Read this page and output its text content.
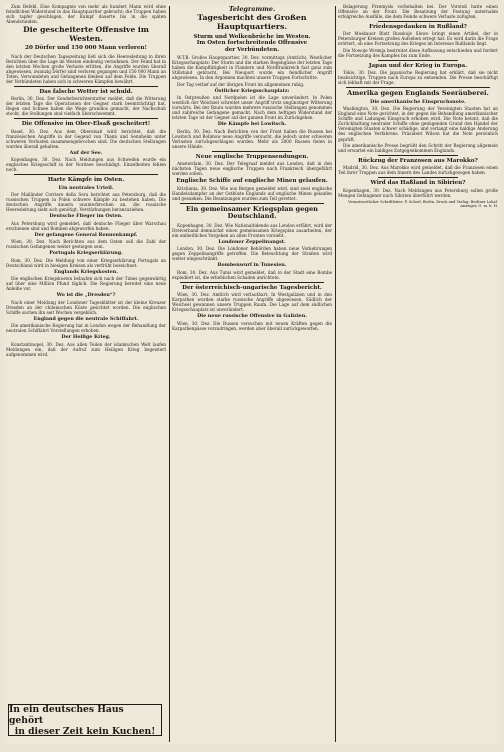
Zum Befehl. Eine Kompagnie von mehr als hundert Mann wird ohne feindlichen Widerstand in das Hauptquartier gebracht; die Truppen haben sich tapfer geschlagen, der Kampf dauerte bis in die späten Abendstunden.

Die gescheiterte Offensive im Westen.
20 Dörfer und 150 000 Mann verloren!

Nach der Deutschen Tageszeitung ließ sich die Heeresleitung in ihren Berichten über die Lage im Westen eindeutig vernehmen. Der Feind hat in den letzten Wochen große Verluste erlitten, die Angriffe wurden überall abgewiesen, zwanzig Dörfer sind verloren gegangen und 150 000 Mann an Toten, Verwundeten und Gefangenen bleiben auf dem Felde. Die Truppen der Verbündeten haben sich in schweren Kämpfen bewährt.

Das falsche Wetter ist schuld.

Berlin, 30. Dez. Der Sonderberichterstatter meldet, daß die Witterung der letzten Tage die Operationen der Gegner stark beeinträchtigt hat. Regen und Schnee haben die Wege grundlos gemacht, der Nachschub stockt, die Stellungen sind vielfach überschwemmt.

Die Offensive im Ober-Elsaß gescheitert!

Basel, 30. Dez. Aus dem Oberelsaß wird berichtet, daß die französischen Angriffe in der Gegend von Thann und Sennheim unter schweren Verlusten zusammengebrochen sind. Die deutschen Stellungen wurden überall gehalten.

Auf der See.

Kopenhagen, 30. Dez. Nach Meldungen aus Schweden wurde ein englisches Kriegsschiff in der Nordsee beschädigt. Einzelheiten fehlen noch.

Harte Kämpfe im Osten.
Ein neutrales Urteil.

Der Mailänder Corriere della Sera berichtet aus Petersburg, daß die russischen Truppen in Polen schwere Kämpfe zu bestehen haben. Die deutschen Angriffe dauern ununterbrochen an, die russische Heeresleitung sieht sich genötigt, Verstärkungen heranzuziehen.

Deutsche Flieger im Osten.

Aus Petersburg wird gemeldet, daß deutsche Flieger über Warschau erschienen sind und Bomben abgeworfen haben.

Der gefangene General Rennenkampf.

Wien, 30. Dez. Nach Berichten aus dem Osten soll die Zahl der russischen Gefangenen weiter gestiegen sein.

Portugals Kriegserklärung.

Rom, 30. Dez. Die Meldung von einer Kriegserklärung Portugals an Deutschland wird in hiesigen Kreisen als verfrüht bezeichnet.

Englands Kriegskosten.

Die englischen Kriegskosten belaufen sich nach der Times gegenwärtig auf über eine Million Pfund täglich. Die Regierung bereitet eine neue Anleihe vor.

Wo ist die „Dresden“?

Nach einer Meldung der Londoner Tagesblätter ist der kleine Kreuzer Dresden an der chilenischen Küste gesichtet worden. Die englischen Schiffe suchen ihn seit Wochen vergeblich.

England gegen die neutrale Schiffahrt.

Die amerikanische Regierung hat in London wegen der Behandlung der neutralen Schiffahrt Vorstellungen erhoben.

Der Heilige Krieg.

Konstantinopel, 30. Dez. Aus allen Teilen der islamischen Welt laufen Meldungen ein, daß der Aufruf zum Heiligen Krieg begeistert aufgenommen wird.

In ein deutsches Haus gehört
in dieser Zeit kein Kuchen!
Telegramme.
Tagesbericht des Großen Hauptquartiers.
Sturm und Wolkenbrüche im Westen.
Im Osten fortschreitende Offensive
der Verbündeten.

W.T.B. Großes Hauptquartier, 30. Dez. vormittags (Amtlich). Westlicher Kriegsschauplatz: Der Sturm und die starken Regengüsse der letzten Tage haben die Kampftätigkeit in Flandern und Nordfrankreich fast ganz zum Stillstand gebracht. Bei Nieuport wurde ein feindlicher Angriff abgewiesen. In den Argonnen machten unsere Truppen Fortschritte.

Der Tag verlief auf der übrigen Front im allgemeinen ruhig.

Östlicher Kriegsschauplatz:

In Ostpreußen und Nordpolen ist die Lage unverändert. In Polen westlich der Weichsel schreitet unser Angriff trotz ungünstiger Witterung vorwärts. Bei der Bzura wurden mehrere russische Stellungen genommen und zahlreiche Gefangene gemacht. Nach dem heftigen Widerstand der letzten Tage ist der Gegner auf der ganzen Front im Zurückgehen.

Die Kämpfe bei Lowitsch.

Berlin, 30. Dez. Nach Berichten von der Front haben die Russen bei Lowitsch und Bolimow neue Angriffe versucht, die jedoch unter schweren Verlusten zurückgeschlagen wurden. Mehr als 2000 Russen fielen in unsere Hände.

Neue englische Truppensendungen.

Amsterdam, 30. Dez. Der Telegraaf meldet aus London, daß in den nächsten Tagen neue englische Truppen nach Frankreich übergeführt werden sollen.

Englische Schiffe auf englische Minen gelaufen.

Kristiania, 30. Dez. Wie aus Bergen gemeldet wird, sind zwei englische Handelsdampfer an der Ostküste Englands auf englische Minen gelaufen und gesunken. Die Besatzungen wurden zum Teil gerettet.

Ein gemeinsamer Kriegsplan gegen Deutschland.

Kopenhagen, 30. Dez. Wie Nationaltidende aus London erfährt, wird der Dreiverband demnächst einen gemeinsamen Kriegsplan ausarbeiten, der ein einheitliches Vorgehen an allen Fronten vorsieht.

Londoner Zeppelinangst.

London, 30. Dez. Die Londoner Behörden haben neue Vorkehrungen gegen Zeppelinangriffe getroffen. Die Beleuchtung der Straßen wird weiter eingeschränkt.

Bombenwurf in Tunesien.

Rom, 30. Dez. Aus Tunis wird gemeldet, daß in der Stadt eine Bombe explodiert ist, die erheblichen Schaden anrichtete.

Der österreichisch-ungarische Tagesbericht.

Wien, 30. Dez. Amtlich wird verlautbart: In Westgalizien und in den Karpathen wurden starke russische Angriffe abgewiesen. Südlich der Weichsel gewannen unsere Truppen Raum. Die Lage auf dem südlichen Kriegsschauplatz ist unverändert.

Die neue russische Offensive in Galizien.

Wien, 30. Dez. Die Russen versuchen mit neuen Kräften gegen die Karpathenpässe vorzudringen, werden aber überall zurückgeworfen.

Belagerung Przemysls vorbehalten bei. Der Vorstoß hatte einen Offensive an der Front. Die Besatzung der Festung unternahm erfolgreiche Ausfälle, die dem Feinde schwere Verluste zufügten.

Friedensgedanken in Rußland?

Der Moskauer Blatt Russkoje Slowo bringt einen Artikel, der in Petersburger Kreisen großes Aufsehen erregt hat. Es wird darin die Frage erörtert, ob eine Fortsetzung des Krieges im Interesse Rußlands liegt.

Die Nowoje Wremja bestreitet diese Auffassung entschieden und fordert die Fortsetzung des Kampfes bis zum Ende.

Japan und der Krieg in Europa.

Tokio, 30. Dez. Die japanische Regierung hat erklärt, daß sie nicht beabsichtige, Truppen nach Europa zu entsenden. Die Presse beschäftigt sich lebhaft mit der Frage.

Amerika gegen Englands Seeräuberei.
Die amerikanische Einspruchsnote.

Washington, 30. Dez. Die Regierung der Vereinigten Staaten hat an England eine Note gerichtet, in der gegen die Behandlung amerikanischer Schiffe und Ladungen Einspruch erhoben wird. Die Note betont, daß die Zurückhaltung neutraler Schiffe ohne genügenden Grund den Handel der Vereinigten Staaten schwer schädige, und verlangt eine baldige Änderung des englischen Verfahrens. Präsident Wilson hat die Note persönlich geprüft.

Die amerikanische Presse begrüßt den Schritt der Regierung allgemein und erwartet ein baldiges Entgegenkommen Englands.

Rückzug der Franzosen aus Marokko?

Madrid, 30. Dez. Aus Marokko wird gemeldet, daß die Franzosen einen Teil ihrer Truppen aus dem Innern des Landes zurückgezogen haben.

Wird das Haßland in Sibirien?

Kopenhagen, 30. Dez. Nach Meldungen aus Petersburg sollen große Mengen Gefangener nach Sibirien überführt werden.

Verantwortlicher Schriftleiter: F. Scherl, Berlin. Druck und Verlag: Berliner Lokal-Anzeiger, G. m. b. H.
